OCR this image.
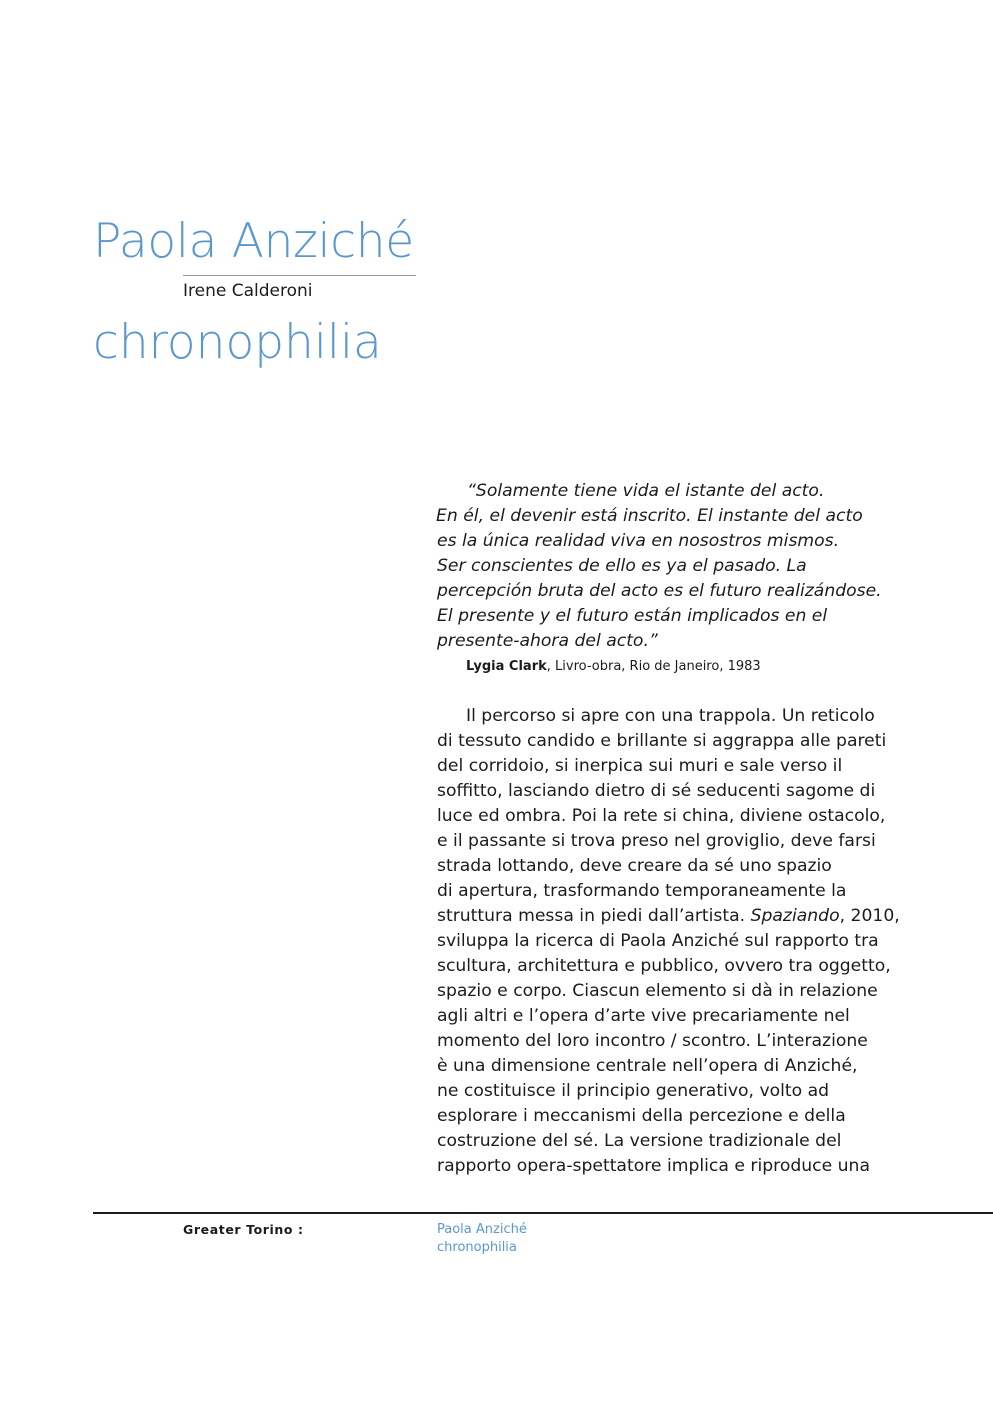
Paola Anziché
Irene Calderoni
chronophilia
“Solamente tiene vida el istante del acto.
En él, el devenir está inscrito. El instante del acto
es la única realidad viva en nosostros mismos.
Ser conscientes de ello es ya el pasado. La
percepción bruta del acto es el futuro realizándose.
El presente y el futuro están implicados en el
presente-ahora del acto.”
Lygia Clark, Livro-obra, Rio de Janeiro, 1983
Il percorso si apre con una trappola. Un reticolo
di tessuto candido e brillante si aggrappa alle pareti
del corridoio, si inerpica sui muri e sale verso il
soffitto, lasciando dietro di sé seducenti sagome di
luce ed ombra. Poi la rete si china, diviene ostacolo,
e il passante si trova preso nel groviglio, deve farsi
strada lottando, deve creare da sé uno spazio
di apertura, trasformando temporaneamente la
struttura messa in piedi dall’artista. Spaziando, 2010,
sviluppa la ricerca di Paola Anziché sul rapporto tra
scultura, architettura e pubblico, ovvero tra oggetto,
spazio e corpo. Ciascun elemento si dà in relazione
agli altri e l’opera d’arte vive precariamente nel
momento del loro incontro / scontro. L’interazione
è una dimensione centrale nell’opera di Anziché,
ne costituisce il principio generativo, volto ad
esplorare i meccanismi della percezione e della
costruzione del sé. La versione tradizionale del
rapporto opera-spettatore implica e riproduce una
Greater Torino :	Paola Anziché
chronophilia
